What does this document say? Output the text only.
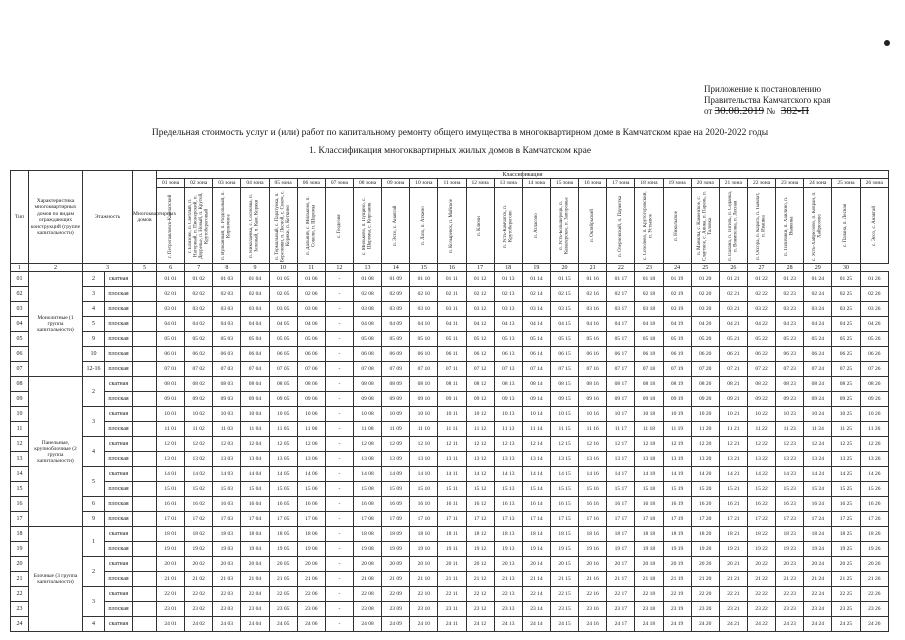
Приложение к постановлению
Правительства Камчатского края
от 30.08.2019 № 382-П
Предельная стоимость услуг и (или) работ по капитальному ремонту общего имущества в многоквартирном доме в Камчатском крае на 2020-2022 годы
1. Классификация многоквартирных жилых домов в Камчатском крае
Тип	Характеристика многоквартирных домов по видам ограждающих конструкций (группе капитальности)	Этажность		Многоквартирных домов	Классификация																									
					01 зона	02 зона	03 зона	04 зона	05 зона	06 зона	07 зона	08 зона	09 зона	10 зона	11 зона	12 зона	13 зона	14 зона	15 зона	16 зона	17 зона	18 зона	19 зона	20 зона	21 зона	22 зона	23 зона	24 зона	25 зона	26 зона

					г. Петропавловск-Камчатский	г. Елизово, п. Светлый, п. Нагорный, п. Пионерский, п. Двуречье, п. Новый, п. Крутой, Крутобереговый	п. Вулканный, п. Раздольный, п. Кирпичное	п. Николаевка, с. Сосновка, п. Зеленый, п. Кам. Коряки	п. Термальный, с. Паратунка, п. Березняки, п. Лесной, с. Сокоч, с. Коряки, п. Кеткино	п. Дальний, с. Мильково, п. Соколи, п. Шаромы	с. Геодезия	с. Мильково, п. Пущино, с. Шаромы, с. Кирганик	п. Эссо, с. Анавгай	п. Лазо, п. Аткино	п. Козыревск, п. Майское	п. Ключи	п. Усть-Камчатск, п. Крутоберегово	п. Атласово	п. Усть-Большерецк, п. Кавалерское, п. Запорожье	п. Октябрьский	п. Озерновский, п. Паужетка	с. Соболево, п. Крутогоровский, п. Устьевое	п. Никольское	п. Манилы, с. Каменское, с. Слаутное, с. Аянка, п. Парень, п. Таловка	п. Палана, п. Тигиль, п. Седанка, п. Воямполка, п. Лесная	п. Оссора, п. Карага, п. Тымлат, п. Ивашка	п. Тиличики, п. Хаилино, п. Вывенка	с. Усть-Хайрюзово, п. Ковран, п. Хайрюзово	с. Палана, п. Лесная	с. Эссо, с. Анавгай

1	2	3		5	6	7	8	9	10	11	12	13	14	15	16	17	18	19	20	21	22	23	24	25	26	27	28	29	30	
01	Монолитные (1 группа капитальности)	2	скатная		01 01	01 02	01 03	01 04	01 05	01 06	-	01 08	01 09	01 10	01 11	01 12	01 13	01 14	01 15	01 16	01 17	01 18	01 19	01 20	01 21	01 22	01 23	01 24	01 25	01 26
02		3	плоская		02 01	02 02	02 03	02 04	02 05	02 06	-	02 08	02 09	02 10	02 11	02 12	02 13	02 14	02 15	02 16	02 17	02 18	02 19	02 20	02 21	02 22	02 23	02 24	02 25	02 26
03		4	плоская		03 01	03 02	03 03	03 04	03 05	03 06	-	03 08	03 09	03 10	03 11	03 12	03 13	03 14	03 15	03 16	03 17	03 18	03 19	03 20	03 21	03 22	03 23	03 24	03 25	03 26
04		5	плоская		04 01	04 02	04 03	04 04	04 05	04 06	-	04 08	04 09	04 10	04 11	04 12	04 13	04 14	04 15	04 16	04 17	04 18	04 19	04 20	04 21	04 22	04 23	04 24	04 25	04 26
05		9	плоская		05 01	05 02	05 03	05 04	05 05	05 06	-	05 08	05 09	05 10	05 11	05 12	05 13	05 14	05 15	05 16	05 17	05 18	05 19	05 20	05 21	05 22	05 23	05 24	05 25	05 26
06		10	плоская		06 01	06 02	06 03	06 04	06 05	06 06	-	06 08	06 09	06 10	06 11	06 12	06 13	06 14	06 15	06 16	06 17	06 18	06 19	06 20	06 21	06 22	06 23	06 24	06 25	06 26
07		12-16	плоская		07 01	07 02	07 03	07 04	07 05	07 06	-	07 08	07 09	07 10	07 11	07 12	07 13	07 14	07 15	07 16	07 17	07 18	07 19	07 20	07 21	07 22	07 23	07 24	07 25	07 26
08	Панельные, крупноблочные (2 группа капитальности)	2	скатная		08 01	08 02	08 03	08 04	08 05	08 06	-	08 08	08 09	08 10	08 11	08 12	08 13	08 14	08 15	08 16	08 17	08 18	08 19	08 20	08 21	08 22	08 23	08 24	08 25	08 26
09			плоская		09 01	09 02	09 03	09 04	09 05	09 06	-	09 08	09 09	09 10	09 11	09 12	09 13	09 14	09 15	09 16	09 17	09 18	09 19	09 20	09 21	09 22	09 23	09 24	09 25	09 26
10		3	скатная		10 01	10 02	10 03	10 04	10 05	10 06	-	10 08	10 09	10 10	10 11	10 12	10 13	10 14	10 15	10 16	10 17	10 18	10 19	10 20	10 21	10 22	10 23	10 24	10 25	10 26
11			плоская		11 01	11 02	11 03	11 04	11 05	11 06	-	11 08	11 09	11 10	11 11	11 12	11 13	11 14	11 15	11 16	11 17	11 18	11 19	11 20	11 21	11 22	11 23	11 24	11 25	11 26
12		4	скатная		12 01	12 02	12 03	12 04	12 05	12 06	-	12 08	12 09	12 10	12 11	12 12	12 13	12 14	12 15	12 16	12 17	12 18	12 19	12 20	12 21	12 22	12 23	12 24	12 25	12 26
13			плоская		13 01	13 02	13 03	13 04	13 05	13 06	-	13 08	13 09	13 10	13 11	13 12	13 13	13 14	13 15	13 16	13 17	13 18	13 19	13 20	13 21	13 22	13 23	13 24	13 25	13 26
14		5	скатная		14 01	14 02	14 03	14 04	14 05	14 06	-	14 08	14 09	14 10	14 11	14 12	14 13	14 14	14 15	14 16	14 17	14 18	14 19	14 20	14 21	14 22	14 23	14 24	14 25	14 26
15			плоская		15 01	15 02	15 03	15 04	15 05	15 06	-	15 08	15 09	15 10	15 11	15 12	15 13	15 14	15 15	15 16	15 17	15 18	15 19	15 20	15 21	15 22	15 23	15 24	15 25	15 26
16		6	плоская		16 01	16 02	16 03	16 04	16 05	16 06	-	16 08	16 09	16 10	16 11	16 12	16 13	16 14	16 15	16 16	16 17	16 18	16 19	16 20	16 21	16 22	16 23	16 24	16 25	16 26
17		9	плоская		17 01	17 02	17 03	17 04	17 05	17 06	-	17 08	17 09	17 10	17 11	17 12	17 13	17 14	17 15	17 16	17 17	17 18	17 19	17 20	17 21	17 22	17 23	17 24	17 25	17 26
18	Блочные (3 группа капитальности)	1	скатная		18 01	18 02	18 03	18 04	18 05	18 06	-	18 08	18 09	18 10	18 11	18 12	18 13	18 14	18 15	18 16	18 17	18 18	18 19	18 20	18 21	18 22	18 23	18 24	18 25	18 26
19			плоская		19 01	19 02	19 03	19 04	19 05	19 06	-	19 08	19 09	19 10	19 11	19 12	19 13	19 14	19 15	19 16	19 17	19 18	19 19	19 20	19 21	19 22	19 23	19 24	19 25	19 26
20		2	скатная		20 01	20 02	20 03	20 04	20 05	20 06	-	20 08	20 09	20 10	20 11	20 12	20 13	20 14	20 15	20 16	20 17	20 18	20 19	20 20	20 21	20 22	20 23	20 24	20 25	20 26
21			плоская		21 01	21 02	21 03	21 04	21 05	21 06	-	21 08	21 09	21 10	21 11	21 12	21 13	21 14	21 15	21 16	21 17	21 18	21 19	21 20	21 21	21 22	21 23	21 24	21 25	21 26
22		3	скатная		22 01	22 02	22 03	22 04	22 05	22 06	-	22 08	22 09	22 10	22 11	22 12	22 13	22 14	22 15	22 16	22 17	22 18	22 19	22 20	22 21	22 22	22 23	22 24	22 25	22 26
23			плоская		23 01	23 02	23 03	23 04	23 05	23 06	-	23 08	23 09	23 10	23 11	23 12	23 13	23 14	23 15	23 16	23 17	23 18	23 19	23 20	23 21	23 22	23 23	23 24	23 25	23 26
24		4	скатная		24 01	24 02	24 03	24 04	24 05	24 06	-	24 08	24 09	24 10	24 11	24 12	24 13	24 14	24 15	24 16	24 17	24 18	24 19	24 20	24 21	24 22	24 23	24 24	24 25	24 26
